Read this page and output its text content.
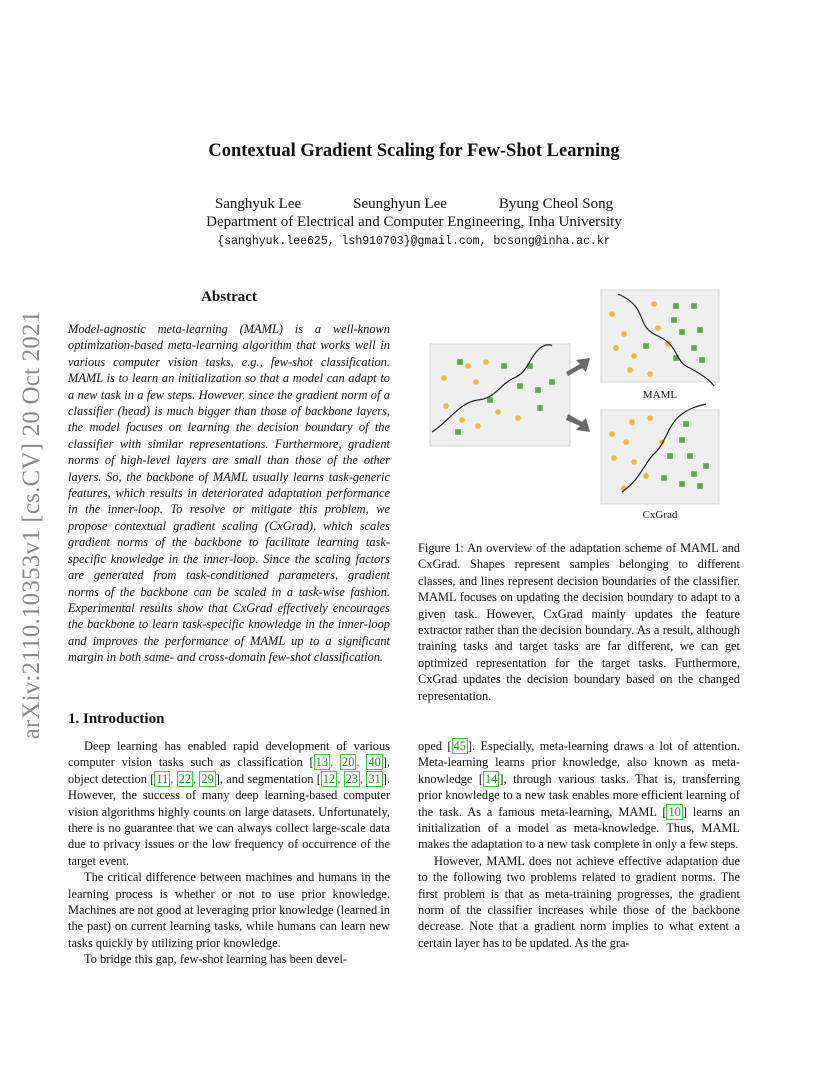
arXiv:2110.10353v1 [cs.CV] 20 Oct 2021
Contextual Gradient Scaling for Few-Shot Learning
Sanghyuk Lee	Seunghyun Lee	Byung Cheol Song
Department of Electrical and Computer Engineering, Inha University
{sanghyuk.lee625, lsh910703}@gmail.com, bcsong@inha.ac.kr
Abstract
Model-agnostic meta-learning (MAML) is a well-known optimization-based meta-learning algorithm that works well in various computer vision tasks, e.g., few-shot classification. MAML is to learn an initialization so that a model can adapt to a new task in a few steps. However, since the gradient norm of a classifier (head) is much bigger than those of backbone layers, the model focuses on learning the decision boundary of the classifier with similar representations. Furthermore, gradient norms of high-level layers are small than those of the other layers. So, the backbone of MAML usually learns task-generic features, which results in deteriorated adaptation performance in the inner-loop. To resolve or mitigate this problem, we propose contextual gradient scaling (CxGrad), which scales gradient norms of the backbone to facilitate learning task-specific knowledge in the inner-loop. Since the scaling factors are generated from task-conditioned parameters, gradient norms of the backbone can be scaled in a task-wise fashion. Experimental results show that CxGrad effectively encourages the backbone to learn task-specific knowledge in the inner-loop and improves the performance of MAML up to a significant margin in both same- and cross-domain few-shot classification.
MAML
CxGrad
Figure 1: An overview of the adaptation scheme of MAML and CxGrad. Shapes represent samples belonging to different classes, and lines represent decision boundaries of the classifier. MAML focuses on updating the decision boundary to adapt to a given task. However, CxGrad mainly updates the feature extractor rather than the decision boundary. As a result, although training tasks and target tasks are far different, we can get optimized representation for the target tasks. Furthermore, CxGrad updates the decision boundary based on the changed representation.
1. Introduction

Deep learning has enabled rapid development of various computer vision tasks such as classification [ 13 , 20 , 40 ], object detection [ 11 , 22 , 29 ], and segmentation [ 12 , 23 , 31 ]. However, the success of many deep learning-based computer vision algorithms highly counts on large datasets. Unfortunately, there is no guarantee that we can always collect large-scale data due to privacy issues or the low frequency of occurrence of the target event.

The critical difference between machines and humans in the learning process is whether or not to use prior knowledge. Machines are not good at leveraging prior knowledge (learned in the past) on current learning tasks, while humans can learn new tasks quickly by utilizing prior knowledge.

To bridge this gap, few-shot learning has been devel-

oped [ 45 ]. Especially, meta-learning draws a lot of attention. Meta-learning learns prior knowledge, also known as meta-knowledge [ 14 ], through various tasks. That is, transferring prior knowledge to a new task enables more efficient learning of the task. As a famous meta-learning, MAML [ 10 ] learns an initialization of a model as meta-knowledge. Thus, MAML makes the adaptation to a new task complete in only a few steps.

However, MAML does not achieve effective adaptation due to the following two problems related to gradient norms. The first problem is that as meta-training progresses, the gradient norm of the classifier increases while those of the backbone decrease. Note that a gradient norm implies to what extent a certain layer has to be updated. As the gra-
